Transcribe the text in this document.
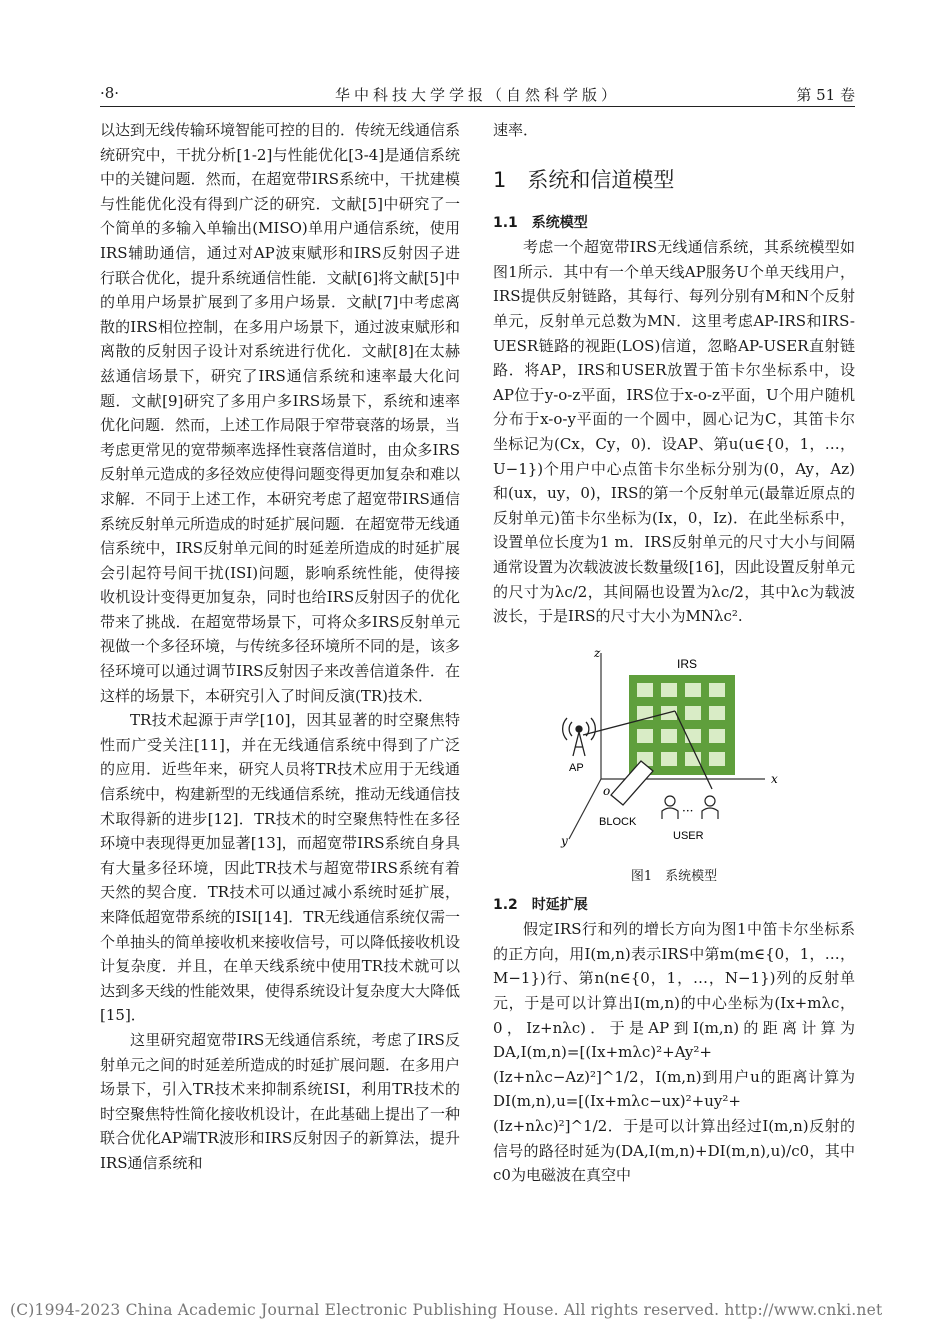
·8·	华中科技大学学报（自然科学版）	第 51 卷

以达到无线传输环境智能可控的目的．传统无线通信系统研究中，干扰分析[1-2]与性能优化[3-4]是通信系统中的关键问题．然而，在超宽带IRS系统中，干扰建模与性能优化没有得到广泛的研究．文献[5]中研究了一个简单的多输入单输出(MISO)单用户通信系统，使用IRS辅助通信，通过对AP波束赋形和IRS反射因子进行联合优化，提升系统通信性能．文献[6]将文献[5]中的单用户场景扩展到了多用户场景．文献[7]中考虑离散的IRS相位控制，在多用户场景下，通过波束赋形和离散的反射因子设计对系统进行优化．文献[8]在太赫兹通信场景下，研究了IRS通信系统和速率最大化问题．文献[9]研究了多用户多IRS场景下，系统和速率优化问题．然而，上述工作局限于窄带衰落的场景，当考虑更常见的宽带频率选择性衰落信道时，由众多IRS反射单元造成的多径效应使得问题变得更加复杂和难以求解．不同于上述工作，本研究考虑了超宽带IRS通信系统反射单元所造成的时延扩展问题．在超宽带无线通信系统中，IRS反射单元间的时延差所造成的时延扩展会引起符号间干扰(ISI)问题，影响系统性能，使得接收机设计变得更加复杂，同时也给IRS反射因子的优化带来了挑战．在超宽带场景下，可将众多IRS反射单元视做一个多径环境，与传统多径环境所不同的是，该多径环境可以通过调节IRS反射因子来改善信道条件．在这样的场景下，本研究引入了时间反演(TR)技术．

TR技术起源于声学[10]，因其显著的时空聚焦特性而广受关注[11]，并在无线通信系统中得到了广泛的应用．近些年来，研究人员将TR技术应用于无线通信系统中，构建新型的无线通信系统，推动无线通信技术取得新的进步[12]．TR技术的时空聚焦特性在多径环境中表现得更加显著[13]，而超宽带IRS系统自身具有大量多径环境，因此TR技术与超宽带IRS系统有着天然的契合度．TR技术可以通过减小系统时延扩展，来降低超宽带系统的ISI[14]．TR无线通信系统仅需一个单抽头的简单接收机来接收信号，可以降低接收机设计复杂度．并且，在单天线系统中使用TR技术就可以达到多天线的性能效果，使得系统设计复杂度大大降低[15]．

这里研究超宽带IRS无线通信系统，考虑了IRS反射单元之间的时延差所造成的时延扩展问题．在多用户场景下，引入TR技术来抑制系统ISI，利用TR技术的时空聚焦特性简化接收机设计，在此基础上提出了一种联合优化AP端TR波形和IRS反射因子的新算法，提升IRS通信系统和

速率．

1　系统和信道模型
1.1　系统模型

考虑一个超宽带IRS无线通信系统，其系统模型如图1所示．其中有一个单天线AP服务U个单天线用户，IRS提供反射链路，其每行、每列分别有M和N个反射单元，反射单元总数为MN．这里考虑AP-IRS和IRS-UESR链路的视距(LOS)信道，忽略AP-USER直射链路．将AP，IRS和USER放置于笛卡尔坐标系中，设AP位于y-o-z平面，IRS位于x-o-z平面，U个用户随机分布于x-o-y平面的一个圆中，圆心记为C，其笛卡尔坐标记为(Cx，Cy，0)．设AP、第u(u∈{0，1，…，U−1})个用户中心点笛卡尔坐标分别为(0，Ay，Az)和(ux，uy，0)，IRS的第一个反射单元(最靠近原点的反射单元)笛卡尔坐标为(Ix，0，Iz)．在此坐标系中，设置单位长度为1 m．IRS反射单元的尺寸大小与间隔通常设置为次载波波长数量级[16]，因此设置反射单元的尺寸为λc/2，其间隔也设置为λc/2，其中λc为载波波长，于是IRS的尺寸大小为MNλc².

z
x
y
o
IRS
AP
BLOCK
···
USER
图1　系统模型
1.2　时延扩展

假定IRS行和列的增长方向为图1中笛卡尔坐标系的正方向，用I(m,n)表示IRS中第m(m∈{0，1，…，M−1})行、第n(n∈{0，1，…，N−1})列的反射单元，于是可以计算出I(m,n)的中心坐标为(Ix+mλc，0，Iz+nλc)．于是AP到I(m,n)的距离计算为DA,I(m,n)=[(Ix+mλc)²+Ay²+(Iz+nλc−Az)²]^1/2，I(m,n)到用户u的距离计算为DI(m,n),u=[(Ix+mλc−ux)²+uy²+(Iz+nλc)²]^1/2．于是可以计算出经过I(m,n)反射的信号的路径时延为(DA,I(m,n)+DI(m,n),u)/c0，其中c0为电磁波在真空中

(C)1994-2023 China Academic Journal Electronic Publishing House. All rights reserved. http://www.cnki.net
